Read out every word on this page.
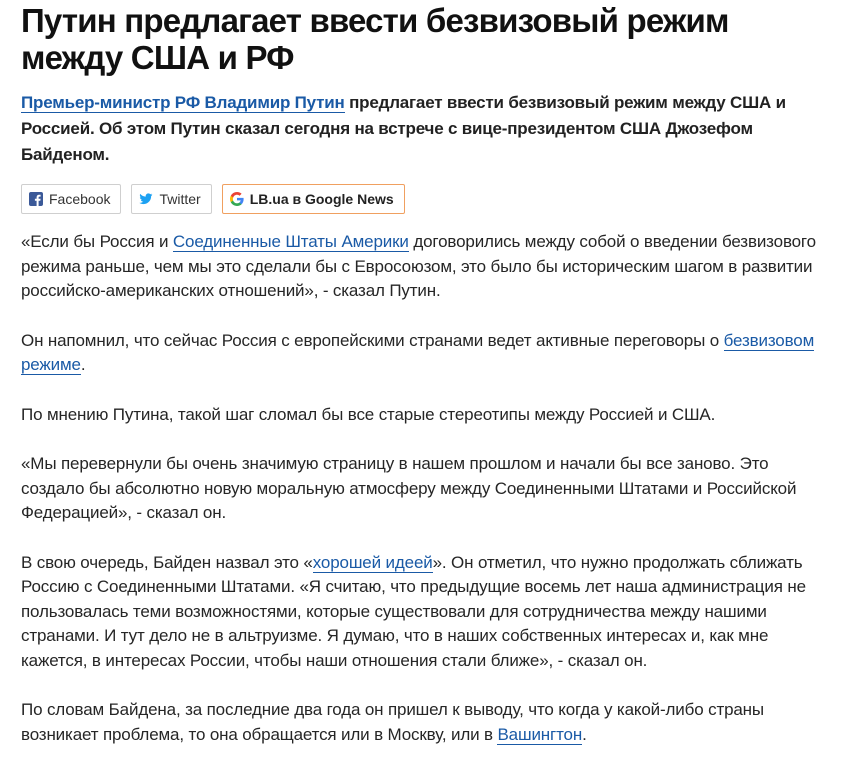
Путин предлагает ввести безвизовый режим между США и РФ

Премьер-министр РФ Владимир Путин предлагает ввести безвизовый режим между США и Россией. Об этом Путин сказал сегодня на встрече с вице-президентом США Джозефом Байденом.

Facebook	Twitter	LB.ua в Google News

«Если бы Россия и Соединенные Штаты Америки договорились между собой о введении безвизового режима раньше, чем мы это сделали бы с Евросоюзом, это было бы историческим шагом в развитии российско-американских отношений», - сказал Путин.

Он напомнил, что сейчас Россия с европейскими странами ведет активные переговоры о безвизовом режиме.

По мнению Путина, такой шаг сломал бы все старые стереотипы между Россией и США.

«Мы перевернули бы очень значимую страницу в нашем прошлом и начали бы все заново. Это создало бы абсолютно новую моральную атмосферу между Соединенными Штатами и Российской Федерацией», - сказал он.

В свою очередь, Байден назвал это «хорошей идеей». Он отметил, что нужно продолжать сближать Россию с Соединенными Штатами. «Я считаю, что предыдущие восемь лет наша администрация не пользовалась теми возможностями, которые существовали для сотрудничества между нашими странами. И тут дело не в альтруизме. Я думаю, что в наших собственных интересах и, как мне кажется, в интересах России, чтобы наши отношения стали ближе», - сказал он.

По словам Байдена, за последние два года он пришел к выводу, что когда у какой-либо страны возникает проблема, то она обращается или в Москву, или в Вашингтон.
